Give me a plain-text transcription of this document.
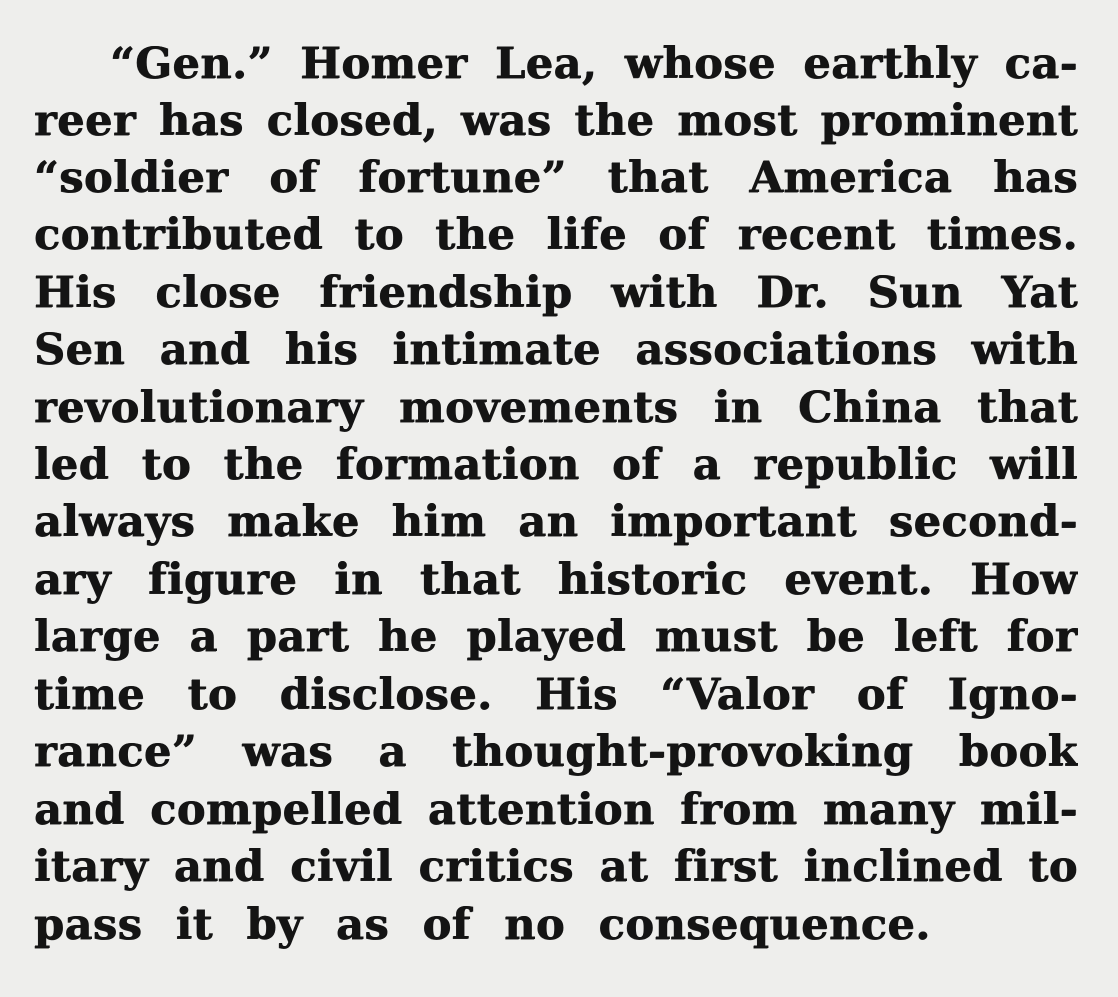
“Gen.” Homer Lea, whose earthly ca-

reer has closed, was the most prominent

“soldier of fortune” that America has

contributed to the life of recent times.

His close friendship with Dr. Sun Yat

Sen and his intimate associations with

revolutionary movements in China that

led to the formation of a republic will

always make him an important second-

ary figure in that historic event. How

large a part he played must be left for

time to disclose. His “Valor of Igno-

rance” was a thought-provoking book

and compelled attention from many mil-

itary and civil critics at first inclined to

pass it by as of no consequence.
